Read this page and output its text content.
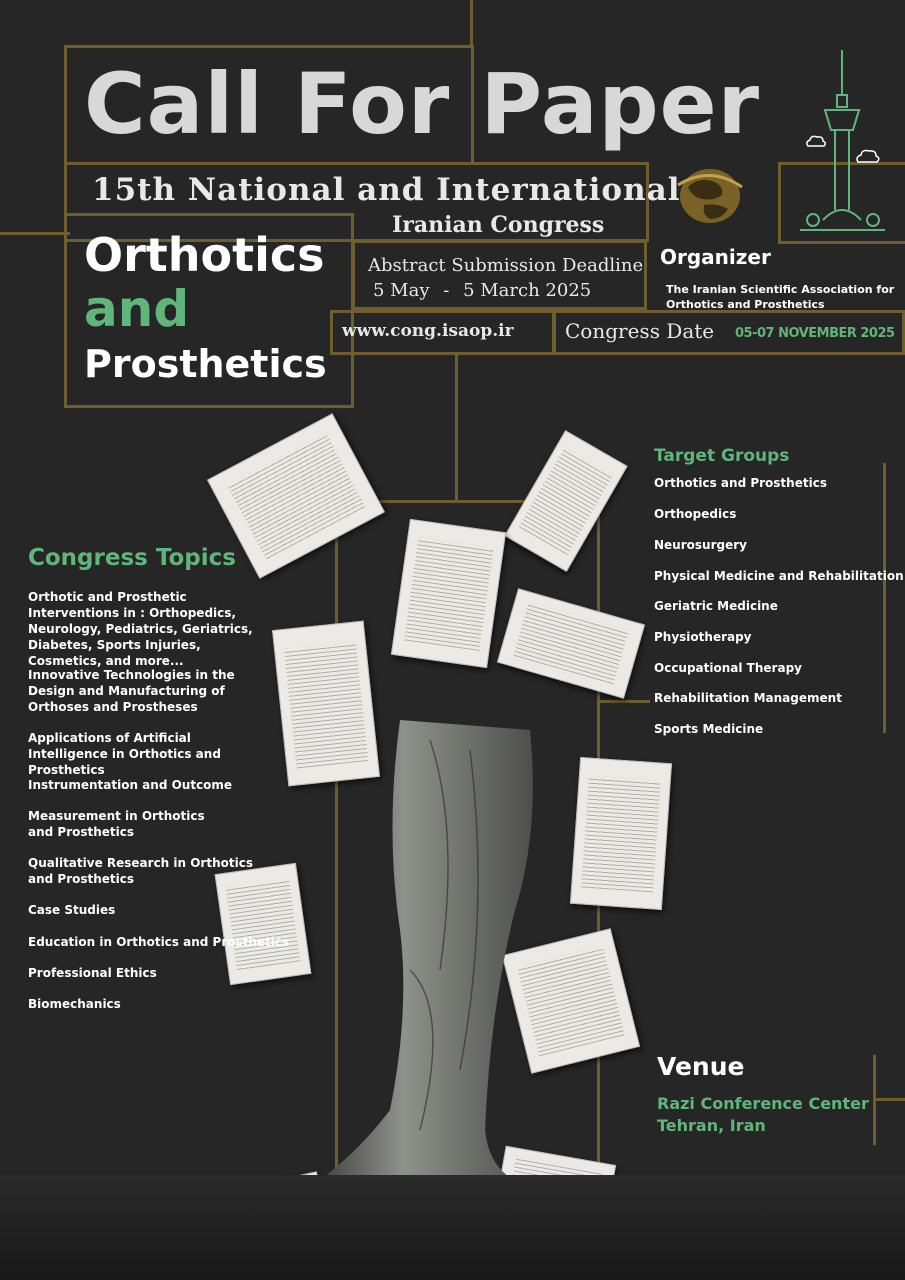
Call For Paper
15th National and International
Iranian Congress
Orthotics
and
Prosthetics
Abstract Submission Deadline
5 May - 5 March 2025
www.cong.isaop.ir	Congress Date 05-07 NOVEMBER 2025
Organizer
The Iranian Scientific Association for
Orthotics and Prosthetics
Congress Topics
Orthotic and Prosthetic Interventions in : Orthopedics, Neurology, Pediatrics, Geriatrics, Diabetes, Sports Injuries, Cosmetics, and more...
Innovative Technologies in the Design and Manufacturing of Orthoses and Prostheses
Applications of Artificial Intelligence in Orthotics and Prosthetics
Instrumentation and Outcome
Measurement in Orthotics and Prosthetics
Qualitative Research in Orthotics and Prosthetics
Case Studies
Education in Orthotics and Prosthetics
Professional Ethics
Biomechanics
Target Groups
Orthotics and Prosthetics
Orthopedics
Neurosurgery
Physical Medicine and Rehabilitation
Geriatric Medicine
Physiotherapy
Occupational Therapy
Rehabilitation Management
Sports Medicine
Venue
Razi Conference Center
Tehran, Iran
